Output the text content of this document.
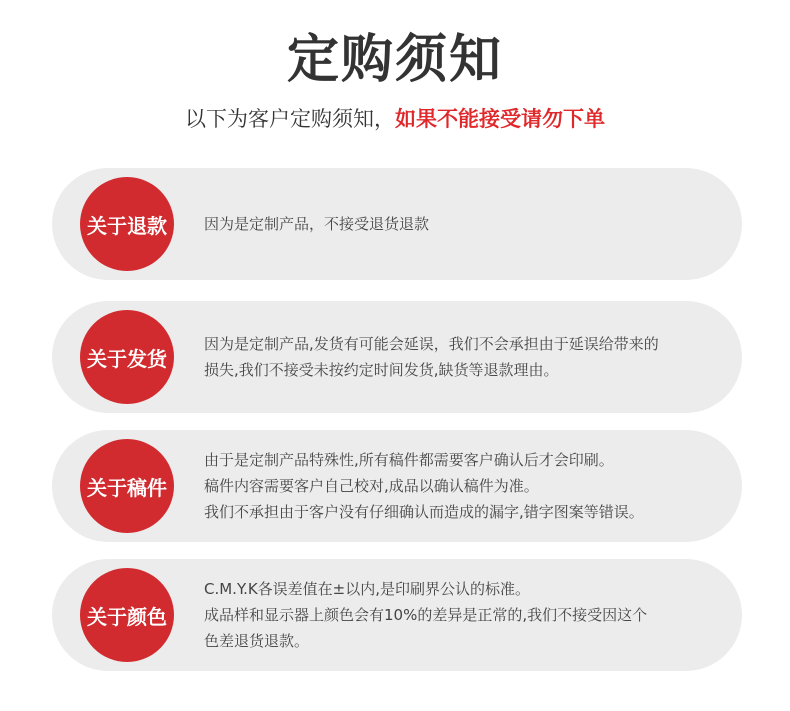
定购须知
以下为客户定购须知，如果不能接受请勿下单
关于退款	因为是定制产品，不接受退货退款
关于发货
因为是定制产品,发货有可能会延误，我们不会承担由于延误给带来的
损失,我们不接受未按约定时间发货,缺货等退款理由。
关于稿件
由于是定制产品特殊性,所有稿件都需要客户确认后才会印刷。
稿件内容需要客户自己校对,成品以确认稿件为准。
我们不承担由于客户没有仔细确认而造成的漏字,错字图案等错误。
关于颜色
C.M.Y.K各误差值在±以内,是印刷界公认的标准。
成品样和显示器上颜色会有10%的差异是正常的,我们不接受因这个
色差退货退款。
